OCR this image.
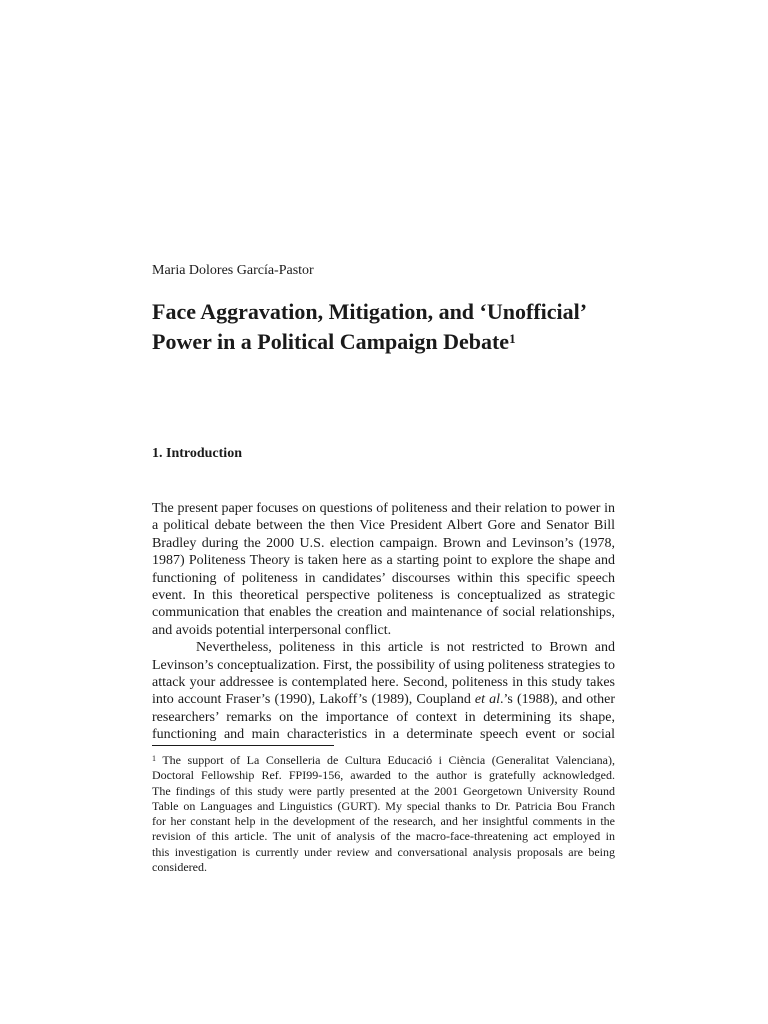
Maria Dolores García-Pastor
Face Aggravation, Mitigation, and ‘Unofficial’
Power in a Political Campaign Debate$^1$
1. Introduction

The present paper focuses on questions of politeness and their relation to power in
a political debate between the then Vice President Albert Gore and Senator Bill
Bradley during the 2000 U.S. election campaign. Brown and Levinson’s (1978,
1987) Politeness Theory is taken here as a starting point to explore the shape and
functioning of politeness in candidates’ discourses within this specific speech
event. In this theoretical perspective politeness is conceptualized as strategic
communication that enables the creation and maintenance of social relationships,
and avoids potential interpersonal conflict.

Nevertheless, politeness in this article is not restricted to Brown and
Levinson’s conceptualization. First, the possibility of using politeness strategies to
attack your addressee is contemplated here. Second, politeness in this study takes
into account Fraser’s (1990), Lakoff’s (1989), Coupland et al.’s (1988), and other
researchers’ remarks on the importance of context in determining its shape,
functioning and main characteristics in a determinate speech event or social

$^1$ The support of La Conselleria de Cultura Educació i Ciència (Generalitat Valenciana),
Doctoral Fellowship Ref. FPI99-156, awarded to the author is gratefully acknowledged.
The findings of this study were partly presented at the 2001 Georgetown University Round
Table on Languages and Linguistics (GURT). My special thanks to Dr. Patricia Bou Franch
for her constant help in the development of the research, and her insightful comments in the
revision of this article. The unit of analysis of the macro-face-threatening act employed in
this investigation is currently under review and conversational analysis proposals are being
considered.
